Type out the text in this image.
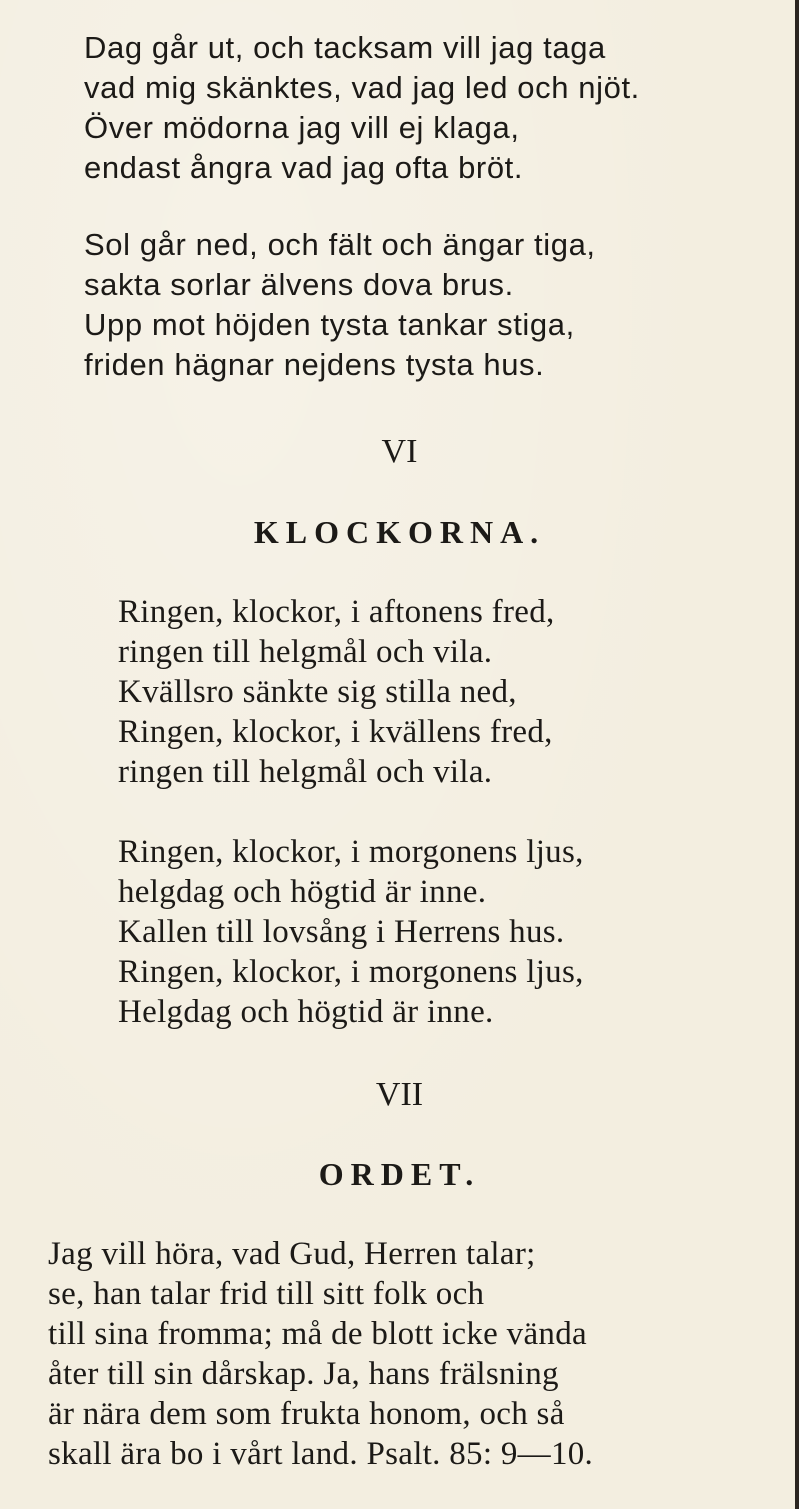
Dag går ut, och tacksam vill jag taga
vad mig skänktes, vad jag led och njöt.
Över mödorna jag vill ej klaga,
endast ångra vad jag ofta bröt.
Sol går ned, och fält och ängar tiga,
sakta sorlar älvens dova brus.
Upp mot höjden tysta tankar stiga,
friden hägnar nejdens tysta hus.
VI
KLOCKORNA.
Ringen, klockor, i aftonens fred,
ringen till helgmål och vila.
Kvällsro sänkte sig stilla ned,
Ringen, klockor, i kvällens fred,
ringen till helgmål och vila.
Ringen, klockor, i morgonens ljus,
helgdag och högtid är inne.
Kallen till lovsång i Herrens hus.
Ringen, klockor, i morgonens ljus,
Helgdag och högtid är inne.
VII
ORDET.
Jag vill höra, vad Gud, Herren talar;
se, han talar frid till sitt folk och
till sina fromma; må de blott icke vända
åter till sin dårskap. Ja, hans frälsning
är nära dem som frukta honom, och så
skall ära bo i vårt land. Psalt. 85: 9—10.
